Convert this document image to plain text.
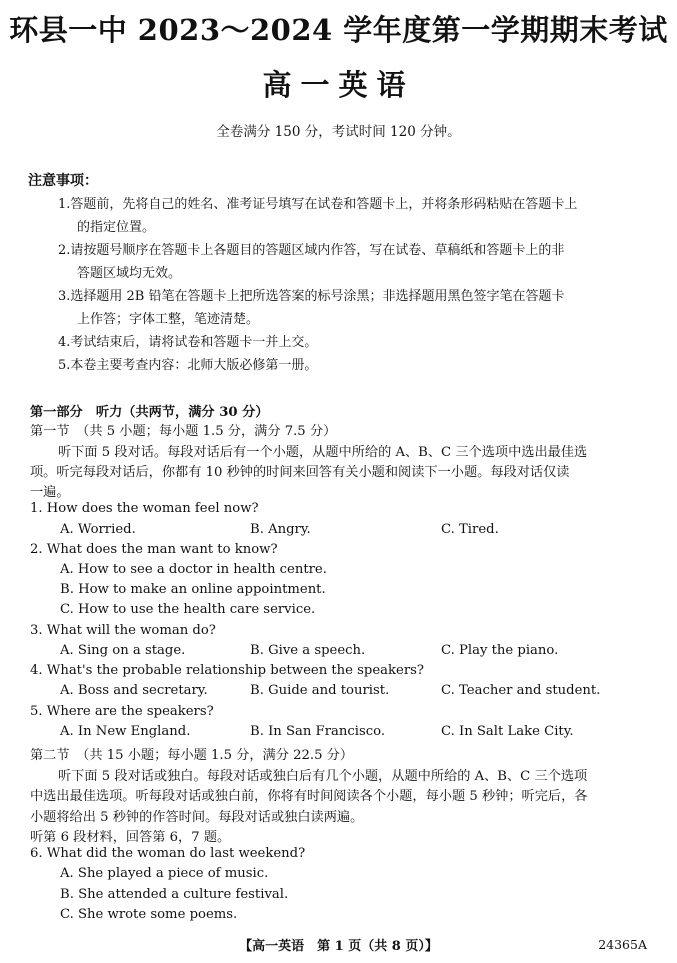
环县一中 2023～2024 学年度第一学期期末考试
高一英语
全卷满分 150 分，考试时间 120 分钟。
注意事项：
1.答题前，先将自己的姓名、准考证号填写在试卷和答题卡上，并将条形码粘贴在答题卡上
的指定位置。
2.请按题号顺序在答题卡上各题目的答题区域内作答，写在试卷、草稿纸和答题卡上的非
答题区域均无效。
3.选择题用 2B 铅笔在答题卡上把所选答案的标号涂黑；非选择题用黑色签字笔在答题卡
上作答；字体工整，笔迹清楚。
4.考试结束后，请将试卷和答题卡一并上交。
5.本卷主要考查内容：北师大版必修第一册。
第一部分　听力（共两节，满分 30 分）
第一节　（共 5 小题；每小题 1.5 分，满分 7.5 分）
听下面 5 段对话。每段对话后有一个小题，从题中所给的 A、B、C 三个选项中选出最佳选
项。听完每段对话后，你都有 10 秒钟的时间来回答有关小题和阅读下一小题。每段对话仅读
一遍。
1. How does the woman feel now?
A. Worried.	B. Angry.	C. Tired.
2. What does the man want to know?
A. How to see a doctor in health centre.
B. How to make an online appointment.
C. How to use the health care service.
3. What will the woman do?
A. Sing on a stage.	B. Give a speech.	C. Play the piano.
4. What's the probable relationship between the speakers?
A. Boss and secretary.	B. Guide and tourist.	C. Teacher and student.
5. Where are the speakers?
A. In New England.	B. In San Francisco.	C. In Salt Lake City.
第二节　（共 15 小题；每小题 1.5 分，满分 22.5 分）
听下面 5 段对话或独白。每段对话或独白后有几个小题，从题中所给的 A、B、C 三个选项
中选出最佳选项。听每段对话或独白前，你将有时间阅读各个小题，每小题 5 秒钟；听完后，各
小题将给出 5 秒钟的作答时间。每段对话或独白读两遍。
听第 6 段材料，回答第 6，7 题。
6. What did the woman do last weekend?
A. She played a piece of music.
B. She attended a culture festival.
C. She wrote some poems.
【高一英语　第 1 页（共 8 页）】	24365A
